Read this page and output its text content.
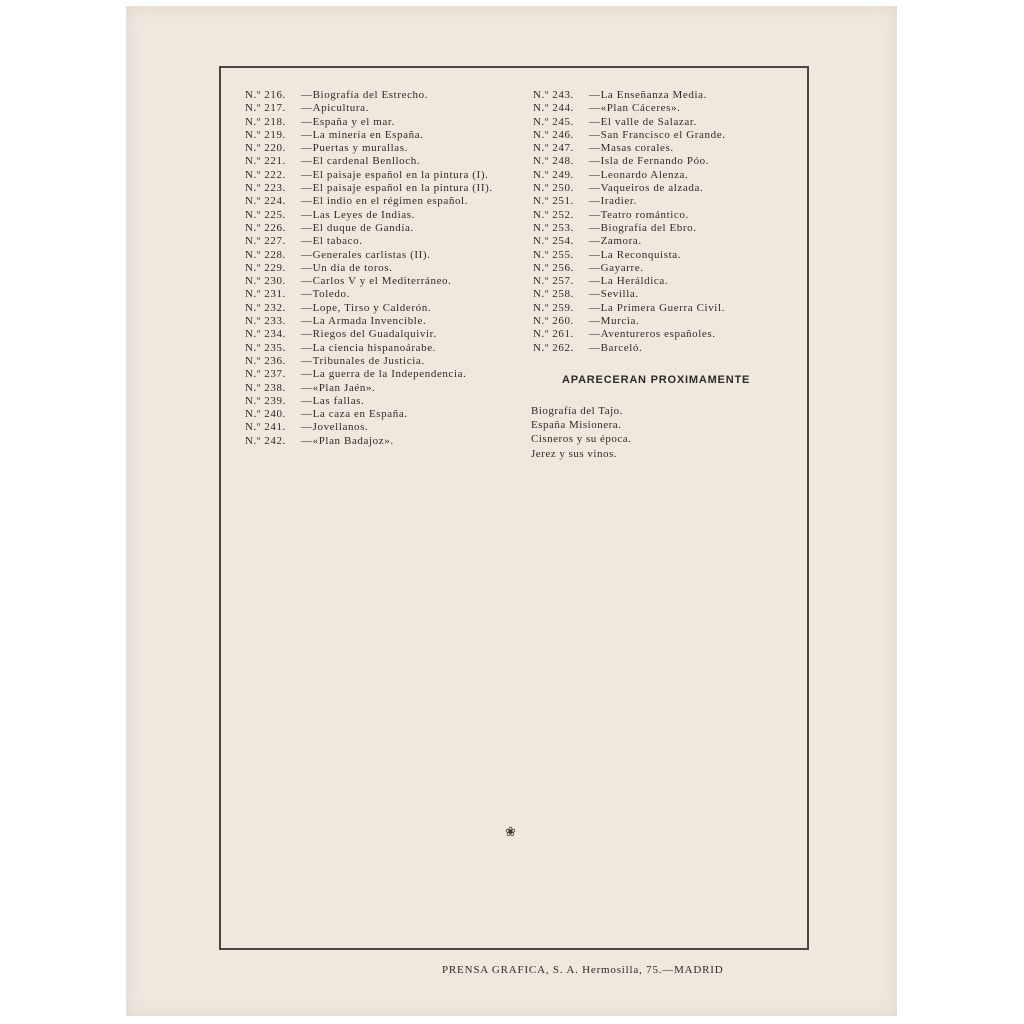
N.º 216.	—Biografía del Estrecho.
N.º 217.	—Apicultura.
N.º 218.	—España y el mar.
N.º 219.	—La minería en España.
N.º 220.	—Puertas y murallas.
N.º 221.	—El cardenal Benlloch.
N.º 222.	—El paisaje español en la pintura (I).
N.º 223.	—El paisaje español en la pintura (II).
N.º 224.	—El indio en el régimen español.
N.º 225.	—Las Leyes de Indias.
N.º 226.	—El duque de Gandía.
N.º 227.	—El tabaco.
N.º 228.	—Generales carlistas (II).
N.º 229.	—Un día de toros.
N.º 230.	—Carlos V y el Mediterráneo.
N.º 231.	—Toledo.
N.º 232.	—Lope, Tirso y Calderón.
N.º 233.	—La Armada Invencible.
N.º 234.	—Riegos del Guadalquivir.
N.º 235.	—La ciencia hispanoárabe.
N.º 236.	—Tribunales de Justicia.
N.º 237.	—La guerra de la Independencia.
N.º 238.	—«Plan Jaén».
N.º 239.	—Las fallas.
N.º 240.	—La caza en España.
N.º 241.	—Jovellanos.
N.º 242.	—«Plan Badajoz».
N.º 243.	—La Enseñanza Media.
N.º 244.	—«Plan Cáceres».
N.º 245.	—El valle de Salazar.
N.º 246.	—San Francisco el Grande.
N.º 247.	—Masas corales.
N.º 248.	—Isla de Fernando Póo.
N.º 249.	—Leonardo Alenza.
N.º 250.	—Vaqueiros de alzada.
N.º 251.	—Iradier.
N.º 252.	—Teatro romántico.
N.º 253.	—Biografía del Ebro.
N.º 254.	—Zamora.
N.º 255.	—La Reconquista.
N.º 256.	—Gayarre.
N.º 257.	—La Heráldica.
N.º 258.	—Sevilla.
N.º 259.	—La Primera Guerra Civil.
N.º 260.	—Murcia.
N.º 261.	—Aventureros españoles.
N.º 262.	—Barceló.
APARECERAN PROXIMAMENTE
Biografía del Tajo.
España Misionera.
Cisneros y su época.
Jerez y sus vinos.
❀
PRENSA GRAFICA, S. A. Hermosilla, 75.—MADRID
